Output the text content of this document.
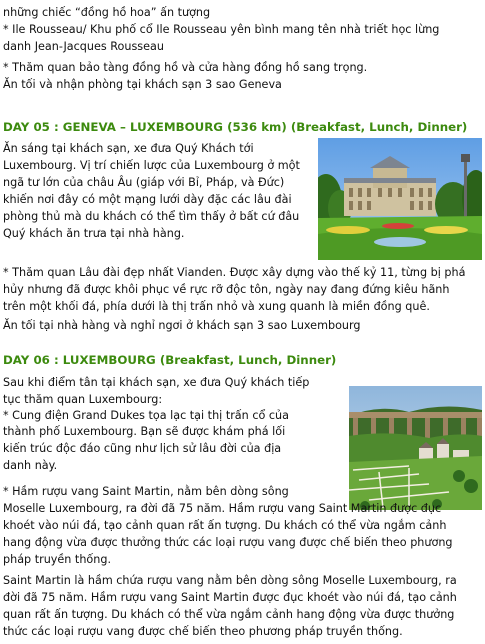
những chiếc “đồng hồ hoa” ấn tượng
* Ile Rousseau/ Khu phố cổ Ile Rousseau yên bình mang tên nhà triết học lừng
danh Jean-Jacques Rousseau
* Thăm quan bảo tàng đồng hồ và cửa hàng đồng hồ sang trọng.
Ăn tối và nhận phòng tại khách sạn 3 sao Geneva
DAY 05 : GENEVA – LUXEMBOURG (536 km) (Breakfast, Lunch, Dinner)
Ăn sáng tại khách sạn, xe đưa Quý Khách tới
Luxembourg. Vị trí chiến lược của Luxembourg ở một
ngã tư lớn của châu Âu (giáp với Bỉ, Pháp, và Đức)
khiến nơi đây có một mạng lưới dày đặc các lâu đài
phòng thủ mà du khách có thể tìm thấy ở bất cứ đâu
Quý khách ăn trưa tại nhà hàng.
* Thăm quan Lâu đài đẹp nhất Vianden. Được xây dựng vào thế kỷ 11, từng bị phá
hủy nhưng đã được khôi phục về rực rỡ độc tôn, ngày nay đang đứng kiêu hãnh
trên một khối đá, phía dưới là thị trấn nhỏ và xung quanh là miền đồng quê.
Ăn tối tại nhà hàng và nghỉ ngơi ở khách sạn 3 sao Luxembourg
DAY 06 : LUXEMBOURG (Breakfast, Lunch, Dinner)
Sau khi điểm tân tại khách sạn, xe đưa Quý khách tiếp
tục thăm quan Luxembourg:
* Cung điện Grand Dukes tọa lạc tại thị trấn cổ của
thành phố Luxembourg. Bạn sẽ được khám phá lối
kiến trúc độc đáo cũng như lịch sử lâu đời của địa
danh này.
* Hầm rượu vang Saint Martin, nằm bên dòng sông
Moselle Luxembourg, ra đời đã 75 năm. Hầm rượu vang Saint Martin được đục
khoét vào núi đá, tạo cảnh quan rất ấn tượng. Du khách có thể vừa ngắm cảnh
hang động vừa được thưởng thức các loại rượu vang được chế biến theo phương
pháp truyền thống.
Saint Martin là hầm chứa rượu vang nằm bên dòng sông Moselle Luxembourg, ra
đời đã 75 năm. Hầm rượu vang Saint Martin được đục khoét vào núi đá, tạo cảnh
quan rất ấn tượng. Du khách có thể vừa ngắm cảnh hang động vừa được thưởng
thức các loại rượu vang được chế biến theo phương pháp truyền thống.
